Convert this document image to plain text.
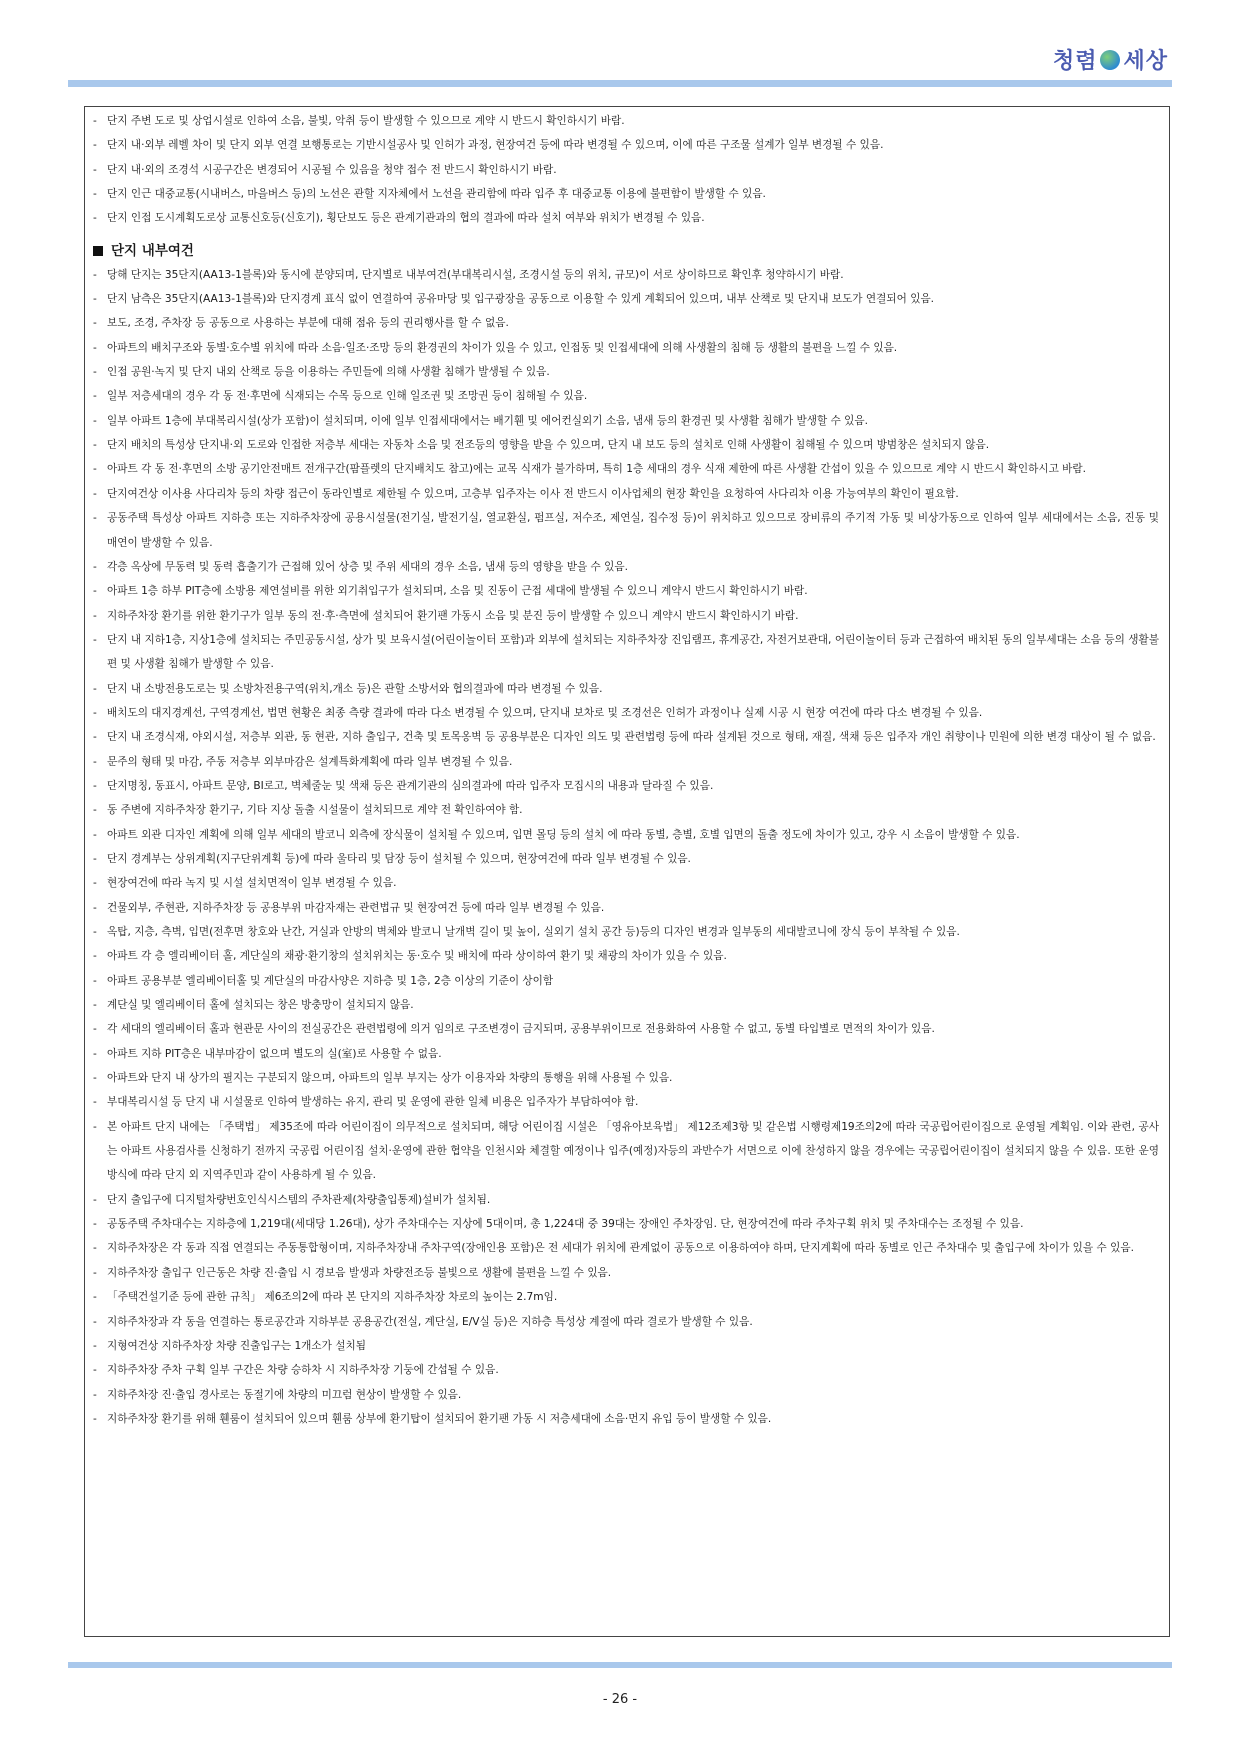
청렴 세상
- 단지 주변 도로 및 상업시설로 인하여 소음, 불빛, 악취 등이 발생할 수 있으므로 계약 시 반드시 확인하시기 바람.
- 단지 내·외부 레벨 차이 및 단지 외부 연결 보행통로는 기반시설공사 및 인허가 과정, 현장여건 등에 따라 변경될 수 있으며, 이에 따른 구조물 설계가 일부 변경될 수 있음.
- 단지 내·외의 조경석 시공구간은 변경되어 시공될 수 있음을 청약 접수 전 반드시 확인하시기 바람.
- 단지 인근 대중교통(시내버스, 마을버스 등)의 노선은 관할 지자체에서 노선을 관리함에 따라 입주 후 대중교통 이용에 불편함이 발생할 수 있음.
- 단지 인접 도시계획도로상 교통신호등(신호기), 횡단보도 등은 관계기관과의 협의 결과에 따라 설치 여부와 위치가 변경될 수 있음.
단지 내부여건
- 당해 단지는 35단지(AA13-1블록)와 동시에 분양되며, 단지별로 내부여건(부대복리시설, 조경시설 등의 위치, 규모)이 서로 상이하므로 확인후 청약하시기 바람.
- 단지 남측은 35단지(AA13-1블록)와 단지경계 표식 없이 연결하여 공유마당 및 입구광장을 공동으로 이용할 수 있게 계획되어 있으며, 내부 산책로 및 단지내 보도가 연결되어 있음.
- 보도, 조경, 주차장 등 공동으로 사용하는 부분에 대해 점유 등의 권리행사를 할 수 없음.
- 아파트의 배치구조와 동별·호수별 위치에 따라 소음·일조·조망 등의 환경권의 차이가 있을 수 있고, 인접동 및 인접세대에 의해 사생활의 침해 등 생활의 불편을 느낄 수 있음.
- 인접 공원·녹지 및 단지 내외 산책로 등을 이용하는 주민들에 의해 사생활 침해가 발생될 수 있음.
- 일부 저층세대의 경우 각 동 전·후면에 식재되는 수목 등으로 인해 일조권 및 조망권 등이 침해될 수 있음.
- 일부 아파트 1층에 부대복리시설(상가 포함)이 설치되며, 이에 일부 인접세대에서는 배기휀 및 에어컨실외기 소음, 냄새 등의 환경권 및 사생활 침해가 발생할 수 있음.
- 단지 배치의 특성상 단지내·외 도로와 인접한 저층부 세대는 자동차 소음 및 전조등의 영향을 받을 수 있으며, 단지 내 보도 등의 설치로 인해 사생활이 침해될 수 있으며 방범창은 설치되지 않음.
- 아파트 각 동 전·후면의 소방 공기안전매트 전개구간(팜플렛의 단지배치도 참고)에는 교목 식재가 불가하며, 특히 1층 세대의 경우 식재 제한에 따른 사생활 간섭이 있을 수 있으므로 계약 시 반드시 확인하시고 바람.
- 단지여건상 이사용 사다리차 등의 차량 접근이 동라인별로 제한될 수 있으며, 고층부 입주자는 이사 전 반드시 이사업체의 현장 확인을 요청하여 사다리차 이용 가능여부의 확인이 필요함.
- 공동주택 특성상 아파트 지하층 또는 지하주차장에 공용시설물(전기실, 발전기실, 열교환실, 펌프실, 저수조, 제연실, 집수정 등)이 위치하고 있으므로 장비류의 주기적 가동 및 비상가동으로 인하여 일부 세대에서는 소음, 진동 및 매연이 발생할 수 있음.
- 각층 옥상에 무동력 및 동력 흡출기가 근접해 있어 상층 및 주위 세대의 경우 소음, 냄새 등의 영향을 받을 수 있음.
- 아파트 1층 하부 PIT층에 소방용 제연설비를 위한 외기취입구가 설치되며, 소음 및 진동이 근접 세대에 발생될 수 있으니 계약시 반드시 확인하시기 바람.
- 지하주차장 환기를 위한 환기구가 일부 동의 전·후·측면에 설치되어 환기팬 가동시 소음 및 분진 등이 발생할 수 있으니 계약시 반드시 확인하시기 바람.
- 단지 내 지하1층, 지상1층에 설치되는 주민공동시설, 상가 및 보육시설(어린이놀이터 포함)과 외부에 설치되는 지하주차장 진입램프, 휴게공간, 자전거보관대, 어린이놀이터 등과 근접하여 배치된 동의 일부세대는 소음 등의 생활불편 및 사생활 침해가 발생할 수 있음.
- 단지 내 소방전용도로는 및 소방차전용구역(위치,개소 등)은 관할 소방서와 협의결과에 따라 변경될 수 있음.
- 배치도의 대지경계선, 구역경계선, 법면 현황은 최종 측량 결과에 따라 다소 변경될 수 있으며, 단지내 보차로 및 조경선은 인허가 과정이나 실제 시공 시 현장 여건에 따라 다소 변경될 수 있음.
- 단지 내 조경식재, 야외시설, 저층부 외관, 동 현관, 지하 출입구, 건축 및 토목옹벽 등 공용부분은 디자인 의도 및 관련법령 등에 따라 설계된 것으로 형태, 재질, 색채 등은 입주자 개인 취향이나 민원에 의한 변경 대상이 될 수 없음.
- 문주의 형태 및 마감, 주동 저층부 외부마감은 설계특화계획에 따라 일부 변경될 수 있음.
- 단지명칭, 동표시, 아파트 문양, BI로고, 벽체줄눈 및 색채 등은 관계기관의 심의결과에 따라 입주자 모집시의 내용과 달라질 수 있음.
- 동 주변에 지하주차장 환기구, 기타 지상 돌출 시설물이 설치되므로 계약 전 확인하여야 함.
- 아파트 외관 디자인 계획에 의해 일부 세대의 발코니 외측에 장식물이 설치될 수 있으며, 입면 몰딩 등의 설치 에 따라 동별, 층별, 호별 입면의 돌출 정도에 차이가 있고, 강우 시 소음이 발생할 수 있음.
- 단지 경계부는 상위계획(지구단위계획 등)에 따라 울타리 및 담장 등이 설치될 수 있으며, 현장여건에 따라 일부 변경될 수 있음.
- 현장여건에 따라 녹지 및 시설 설치면적이 일부 변경될 수 있음.
- 건물외부, 주현관, 지하주차장 등 공용부위 마감자재는 관련법규 및 현장여건 등에 따라 일부 변경될 수 있음.
- 옥탑, 지층, 측벽, 입면(전후면 창호와 난간, 거실과 안방의 벽체와 발코니 날개벽 길이 및 높이, 실외기 설치 공간 등)등의 디자인 변경과 일부동의 세대발코니에 장식 등이 부착될 수 있음.
- 아파트 각 층 엘리베이터 홀, 계단실의 채광·환기창의 설치위치는 동·호수 및 배치에 따라 상이하여 환기 및 채광의 차이가 있을 수 있음.
- 아파트 공용부분 엘리베이터홀 및 계단실의 마감사양은 지하층 및 1층, 2층 이상의 기준이 상이함
- 계단실 및 엘리베이터 홀에 설치되는 창은 방충망이 설치되지 않음.
- 각 세대의 엘리베이터 홀과 현관문 사이의 전실공간은 관련법령에 의거 임의로 구조변경이 금지되며, 공용부위이므로 전용화하여 사용할 수 없고, 동별 타입별로 면적의 차이가 있음.
- 아파트 지하 PIT층은 내부마감이 없으며 별도의 실(室)로 사용할 수 없음.
- 아파트와 단지 내 상가의 필지는 구분되지 않으며, 아파트의 일부 부지는 상가 이용자와 차량의 통행을 위해 사용될 수 있음.
- 부대복리시설 등 단지 내 시설물로 인하여 발생하는 유지, 관리 및 운영에 관한 일체 비용은 입주자가 부담하여야 함.
- 본 아파트 단지 내에는 「주택법」 제35조에 따라 어린이집이 의무적으로 설치되며, 해당 어린이집 시설은 「영유아보육법」 제12조제3항 및 같은법 시행령제19조의2에 따라 국공립어린이집으로 운영될 계획임. 이와 관련, 공사는 아파트 사용검사를 신청하기 전까지 국공립 어린이집 설치·운영에 관한 협약을 인천시와 체결할 예정이나 입주(예정)자등의 과반수가 서면으로 이에 찬성하지 않을 경우에는 국공립어린이집이 설치되지 않을 수 있음. 또한 운영방식에 따라 단지 외 지역주민과 같이 사용하게 될 수 있음.
- 단지 출입구에 디지털차량번호인식시스템의 주차관제(차량출입통제)설비가 설치됨.
- 공동주택 주차대수는 지하층에 1,219대(세대당 1.26대), 상가 주차대수는 지상에 5대이며, 총 1,224대 중 39대는 장애인 주차장임. 단, 현장여건에 따라 주차구획 위치 및 주차대수는 조정될 수 있음.
- 지하주차장은 각 동과 직접 연결되는 주동통합형이며, 지하주차장내 주차구역(장애인용 포함)은 전 세대가 위치에 관계없이 공동으로 이용하여야 하며, 단지계획에 따라 동별로 인근 주차대수 및 출입구에 차이가 있을 수 있음.
- 지하주차장 출입구 인근동은 차량 진·출입 시 경보음 발생과 차량전조등 불빛으로 생활에 불편을 느낄 수 있음.
- 「주택건설기준 등에 관한 규칙」 제6조의2에 따라 본 단지의 지하주차장 차로의 높이는 2.7m임.
- 지하주차장과 각 동을 연결하는 통로공간과 지하부분 공용공간(전실, 계단실, E/V실 등)은 지하층 특성상 계절에 따라 결로가 발생할 수 있음.
- 지형여건상 지하주차장 차량 진출입구는 1개소가 설치됨
- 지하주차장 주차 구획 일부 구간은 차량 승하차 시 지하주차장 기둥에 간섭될 수 있음.
- 지하주차장 진·출입 경사로는 동절기에 차량의 미끄럼 현상이 발생할 수 있음.
- 지하주차장 환기를 위해 휀룸이 설치되어 있으며 휀룸 상부에 환기탑이 설치되어 환기팬 가동 시 저층세대에 소음·먼지 유입 등이 발생할 수 있음.
- 26 -
